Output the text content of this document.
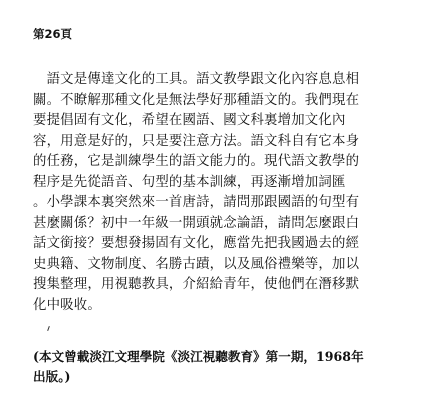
第26頁
　語文是傳達文化的工具。語文教學跟文化內容息息相
關。不瞭解那種文化是無法學好那種語文的。我們現在
要提倡固有文化，希望在國語、國文科裏增加文化內
容，用意是好的，只是要注意方法。語文科自有它本身
的任務，它是訓練學生的語文能力的。現代語文教學的
程序是先從語音、句型的基本訓練，再逐漸增加詞匯
。小學課本裏突然來一首唐詩，請問那跟國語的句型有
甚麼關係？初中一年級一開頭就念論語，請問怎麼跟白
話文銜接？要想發揚固有文化，應當先把我國過去的經
史典籍、文物制度、名勝古蹟，以及風俗禮樂等，加以
搜集整理，用視聽教具，介紹給青年，使他們在潛移默
化中吸收。
(本文曾載淡江文理學院《淡江視聽教育》第一期，1968年
出版。)
